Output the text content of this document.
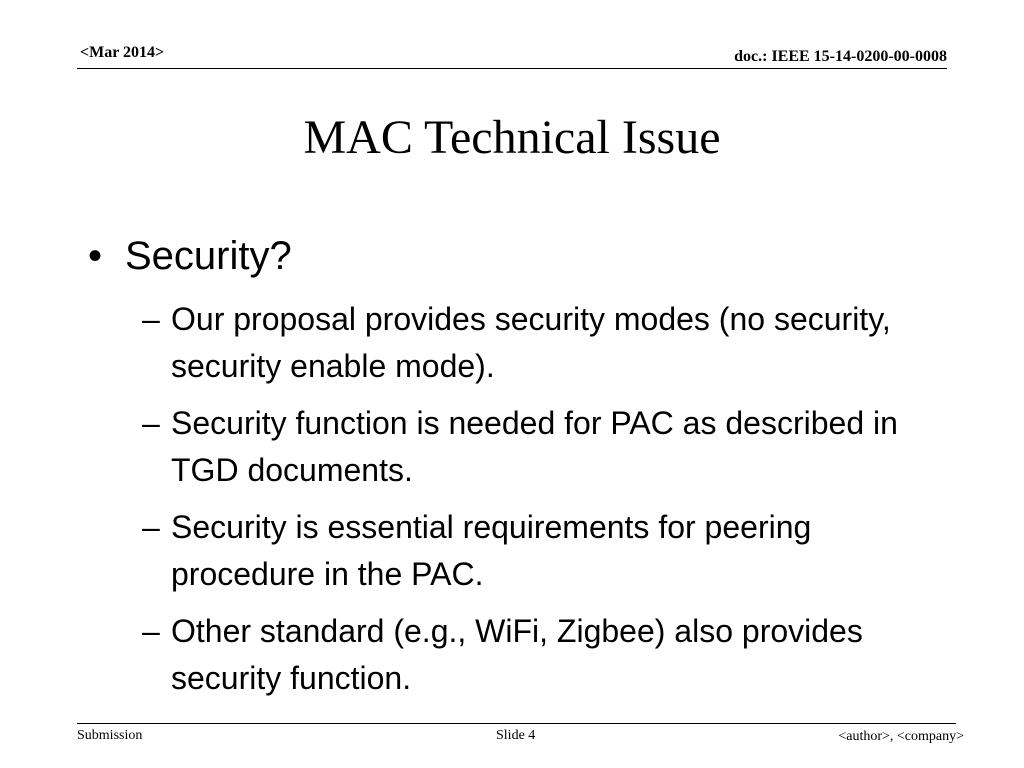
<Mar 2014>	doc.: IEEE 15-14-0200-00-0008
MAC Technical Issue
• Security?
– Our proposal provides security modes (no security, security enable mode).
– Security function is needed for PAC as described in TGD documents.
– Security is essential requirements for peering procedure in the PAC.
– Other standard (e.g., WiFi, Zigbee) also provides security function.
Submission	Slide 4	<author>, <company>
